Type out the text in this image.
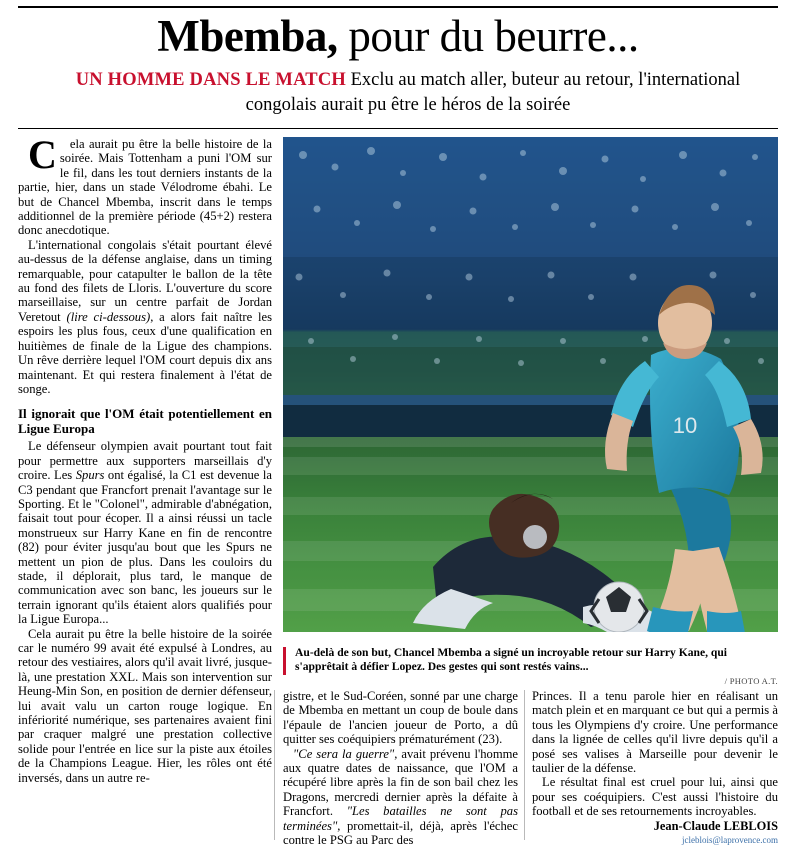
Mbemba, pour du beurre...
UN HOMME DANS LE MATCH Exclu au match aller, buteur au retour, l'international congolais aurait pu être le héros de la soirée

C ela aurait pu être la belle histoire de la soirée. Mais Tottenham a puni l'OM sur le fil, dans les tout derniers instants de la partie, hier, dans un stade Vélodrome ébahi. Le but de Chancel Mbemba, inscrit dans le temps additionnel de la première période (45+2) restera donc anecdotique.

L'international congolais s'était pourtant élevé au-dessus de la défense anglaise, dans un timing remarquable, pour catapulter le ballon de la tête au fond des filets de Lloris. L'ouverture du score marseillaise, sur un centre parfait de Jordan Veretout (lire ci-dessous), a alors fait naître les espoirs les plus fous, ceux d'une qualification en huitièmes de finale de la Ligue des champions. Un rêve derrière lequel l'OM court depuis dix ans maintenant. Et qui restera finalement à l'état de songe.

Il ignorait que l'OM était potentiellement en Ligue Europa

Le défenseur olympien avait pourtant tout fait pour permettre aux supporters marseillais d'y croire. Les Spurs ont égalisé, la C1 est devenue la C3 pendant que Francfort prenait l'avantage sur le Sporting. Et le "Colonel", admirable d'abnégation, faisait tout pour écoper. Il a ainsi réussi un tacle monstrueux sur Harry Kane en fin de rencontre (82) pour éviter jusqu'au bout que les Spurs ne mettent un pion de plus. Dans les couloirs du stade, il déplorait, plus tard, le manque de communication avec son banc, les joueurs sur le terrain ignorant qu'ils étaient alors qualifiés pour la Ligue Europa...

Cela aurait pu être la belle histoire de la soirée car le numéro 99 avait été expulsé à Londres, au retour des vestiaires, alors qu'il avait livré, jusque-là, une prestation XXL. Mais son intervention sur Heung-Min Son, en position de dernier défenseur, lui avait valu un carton rouge logique. En infériorité numérique, ses partenaires avaient fini par craquer malgré une prestation collective solide pour l'entrée en lice sur la piste aux étoiles de la Champions League. Hier, les rôles ont été inversés, dans un autre re-

10
Au-delà de son but, Chancel Mbemba a signé un incroyable retour sur Harry Kane, qui s'apprêtait à défier Lopez. Des gestes qui sont restés vains...
/ PHOTO A.T.

gistre, et le Sud-Coréen, sonné par une charge de Mbemba en mettant un coup de boule dans l'épaule de l'ancien joueur de Porto, a dû quitter ses coéquipiers prématurément (23).

"Ce sera la guerre", avait prévenu l'homme aux quatre dates de naissance, que l'OM a récupéré libre après la fin de son bail chez les Dragons, mercredi dernier après la défaite à Francfort. "Les batailles ne sont pas terminées", promettait-il, déjà, après l'échec contre le PSG au Parc des

Princes. Il a tenu parole hier en réalisant un match plein et en marquant ce but qui a permis à tous les Olympiens d'y croire. Une performance dans la lignée de celles qu'il livre depuis qu'il a posé ses valises à Marseille pour devenir le taulier de la défense.

Le résultat final est cruel pour lui, ainsi que pour ses coéquipiers. C'est aussi l'histoire du football et de ses retournements incroyables.

Jean-Claude LEBLOIS

jcleblois@laprovence.com
